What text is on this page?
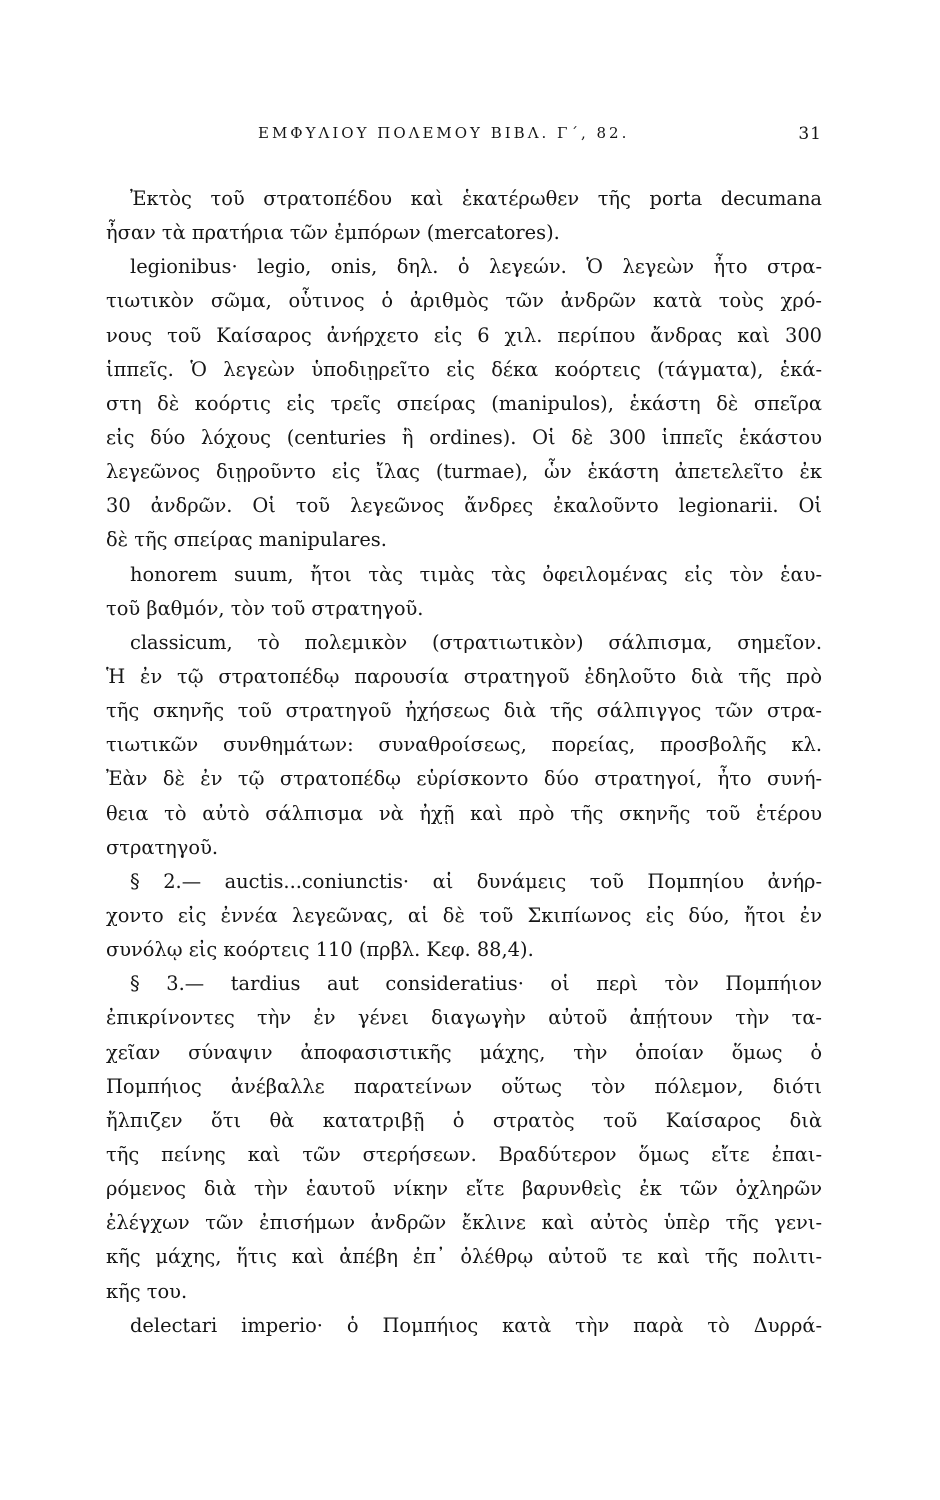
ΕΜΦΥΛΙΟΥ ΠΟΛΕΜΟΥ ΒΙΒΛ. Γ΄, 82.	31
Ἐκτὸς τοῦ στρατοπέδου καὶ ἑκατέρωθεν τῆς porta decumana
ἦσαν τὰ πρατήρια τῶν ἐμπόρων (mercatores).
legionibus· legio, onis, δηλ. ὁ λεγεών. Ὁ λεγεὼν ἦτο στρα-
τιωτικὸν σῶμα, οὗτινος ὁ ἀριθμὸς τῶν ἀνδρῶν κατὰ τοὺς χρό-
νους τοῦ Καίσαρος ἀνήρχετο εἰς 6 χιλ. περίπου ἄνδρας καὶ 300
ἱππεῖς. Ὁ λεγεὼν ὑποδιῃρεῖτο εἰς δέκα κοόρτεις (τάγματα), ἑκά-
στη δὲ κοόρτις εἰς τρεῖς σπείρας (manipulos), ἑκάστη δὲ σπεῖρα
εἰς δύο λόχους (centuries ἢ ordines). Οἱ δὲ 300 ἱππεῖς ἑκάστου
λεγεῶνος διῃροῦντο εἰς ἴλας (turmae), ὧν ἑκάστη ἀπετελεῖτο ἐκ
30 ἀνδρῶν. Οἱ τοῦ λεγεῶνος ἄνδρες ἐκαλοῦντο legionarii. Οἱ
δὲ τῆς σπείρας manipulares.
honorem suum, ἤτοι τὰς τιμὰς τὰς ὀφειλομένας εἰς τὸν ἑαυ-
τοῦ βαθμόν, τὸν τοῦ στρατηγοῦ.
classicum, τὸ πολεμικὸν (στρατιωτικὸν) σάλπισμα, σημεῖον.
Ἡ ἐν τῷ στρατοπέδῳ παρουσία στρατηγοῦ ἐδηλοῦτο διὰ τῆς πρὸ
τῆς σκηνῆς τοῦ στρατηγοῦ ἠχήσεως διὰ τῆς σάλπιγγος τῶν στρα-
τιωτικῶν συνθημάτων: συναθροίσεως, πορείας, προσβολῆς κλ.
Ἐὰν δὲ ἐν τῷ στρατοπέδῳ εὑρίσκοντο δύο στρατηγοί, ἦτο συνή-
θεια τὸ αὐτὸ σάλπισμα νὰ ἠχῇ καὶ πρὸ τῆς σκηνῆς τοῦ ἑτέρου
στρατηγοῦ.
§ 2.— auctis...coniunctis· αἱ δυνάμεις τοῦ Πομπηίου ἀνήρ-
χοντο εἰς ἐννέα λεγεῶνας, αἱ δὲ τοῦ Σκιπίωνος εἰς δύο, ἤτοι ἐν
συνόλῳ εἰς κοόρτεις 110 (πρβλ. Κεφ. 88,4).
§ 3.— tardius aut consideratius· οἱ περὶ τὸν Πομπήιον
ἐπικρίνοντες τὴν ἐν γένει διαγωγὴν αὐτοῦ ἀπῄτουν τὴν τα-
χεῖαν σύναψιν ἀποφασιστικῆς μάχης, τὴν ὁποίαν ὅμως ὁ
Πομπήιος ἀνέβαλλε παρατείνων οὕτως τὸν πόλεμον, διότι
ἤλπιζεν ὅτι θὰ κατατριβῇ ὁ στρατὸς τοῦ Καίσαρος διὰ
τῆς πείνης καὶ τῶν στερήσεων. Βραδύτερον ὅμως εἴτε ἐπαι-
ρόμενος διὰ τὴν ἑαυτοῦ νίκην εἴτε βαρυνθεὶς ἐκ τῶν ὀχληρῶν
ἐλέγχων τῶν ἐπισήμων ἀνδρῶν ἔκλινε καὶ αὐτὸς ὑπὲρ τῆς γενι-
κῆς μάχης, ἥτις καὶ ἀπέβη ἐπ᾽ ὀλέθρῳ αὐτοῦ τε καὶ τῆς πολιτι-
κῆς του.
delectari imperio· ὁ Πομπήιος κατὰ τὴν παρὰ τὸ Δυρρά-
